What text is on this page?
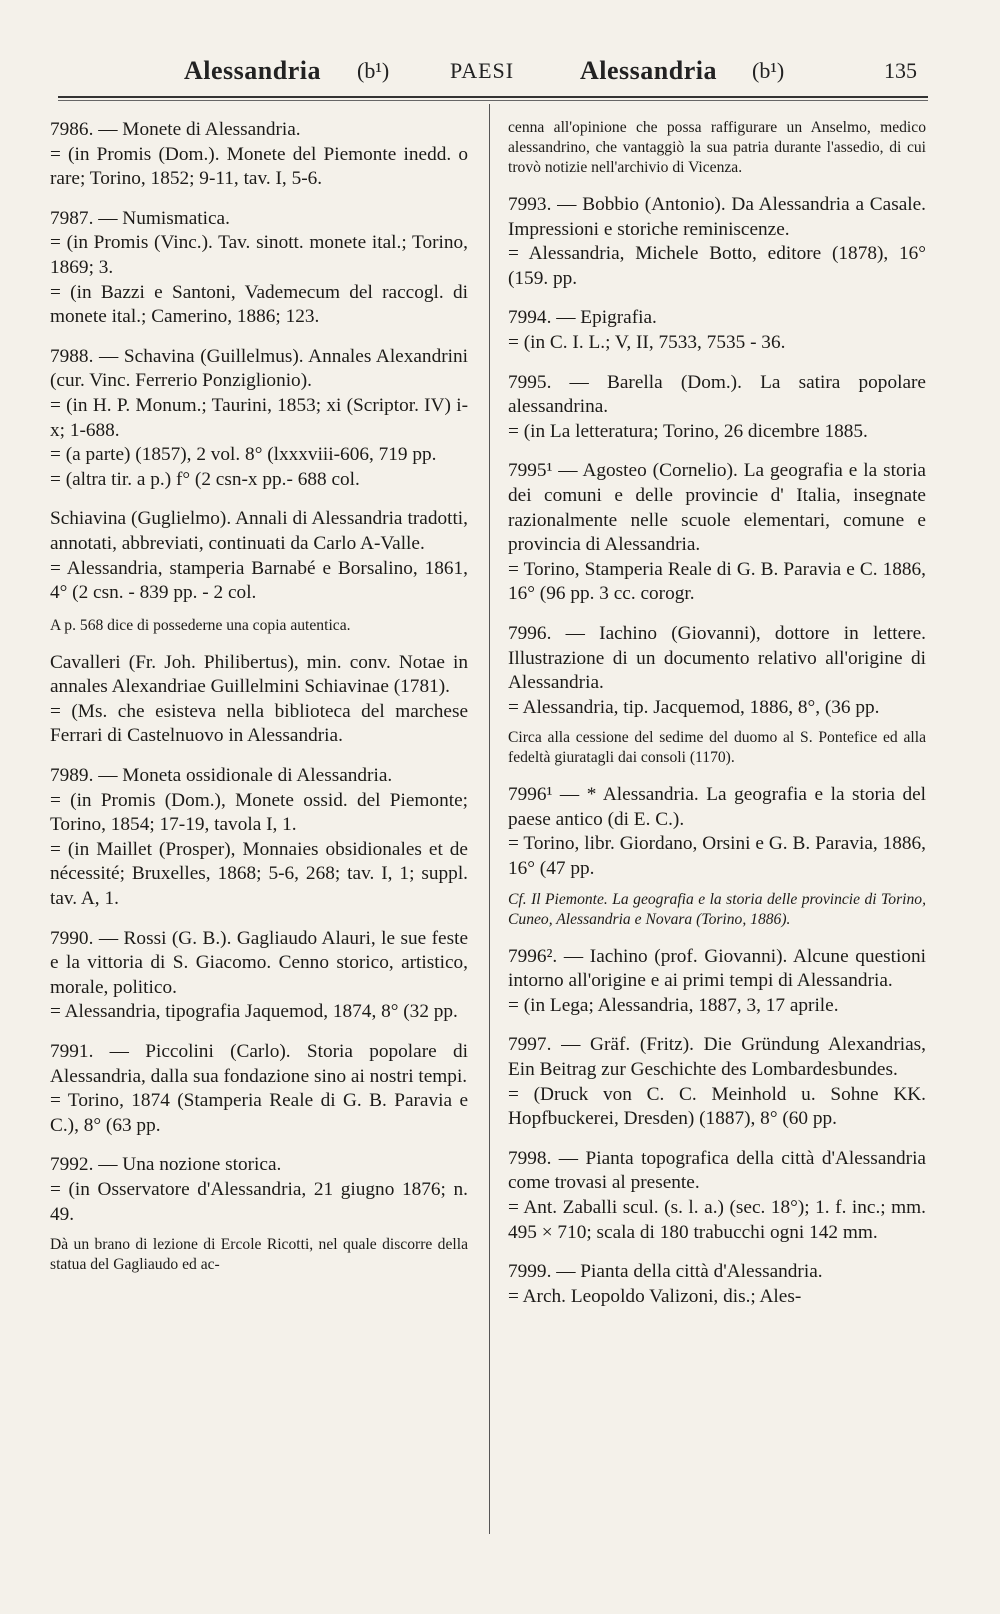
Alessandria (b¹)	PAESI	Alessandria (b¹)	135

7986. — Monete di Alessandria.

= (in Promis (Dom.). Monete del Piemonte inedd. o rare; Torino, 1852; 9-11, tav. I, 5-6.

7987. — Numismatica.

= (in Promis (Vinc.). Tav. sinott. monete ital.; Torino, 1869; 3.

= (in Bazzi e Santoni, Vademecum del raccogl. di monete ital.; Camerino, 1886; 123.

7988. — Schavina (Guillelmus). Annales Alexandrini (cur. Vinc. Ferrerio Ponziglionio).

= (in H. P. Monum.; Taurini, 1853; xi (Scriptor. IV) i-x; 1-688.

= (a parte) (1857), 2 vol. 8° (lxxxviii-606, 719 pp.

= (altra tir. a p.) f° (2 csn-x pp.- 688 col.

Schiavina (Guglielmo). Annali di Alessandria tradotti, annotati, abbreviati, continuati da Carlo A-Valle.

= Alessandria, stamperia Barnabé e Borsalino, 1861, 4° (2 csn. - 839 pp. - 2 col.

A p. 568 dice di possederne una copia autentica.

Cavalleri (Fr. Joh. Philibertus), min. conv. Notae in annales Alexandriae Guillelmini Schiavinae (1781).

= (Ms. che esisteva nella biblioteca del marchese Ferrari di Castelnuovo in Alessandria.

7989. — Moneta ossidionale di Alessandria.

= (in Promis (Dom.), Monete ossid. del Piemonte; Torino, 1854; 17-19, tavola I, 1.

= (in Maillet (Prosper), Monnaies obsidionales et de nécessité; Bruxelles, 1868; 5-6, 268; tav. I, 1; suppl. tav. A, 1.

7990. — Rossi (G. B.). Gagliaudo Alauri, le sue feste e la vittoria di S. Giacomo. Cenno storico, artistico, morale, politico.

= Alessandria, tipografia Jaquemod, 1874, 8° (32 pp.

7991. — Piccolini (Carlo). Storia popolare di Alessandria, dalla sua fondazione sino ai nostri tempi.

= Torino, 1874 (Stamperia Reale di G. B. Paravia e C.), 8° (63 pp.

7992. — Una nozione storica.

= (in Osservatore d'Alessandria, 21 giugno 1876; n. 49.

Dà un brano di lezione di Ercole Ricotti, nel quale discorre della statua del Gagliaudo ed ac-

cenna all'opinione che possa raffigurare un Anselmo, medico alessandrino, che vantaggiò la sua patria durante l'assedio, di cui trovò notizie nell'archivio di Vicenza.

7993. — Bobbio (Antonio). Da Alessandria a Casale. Impressioni e storiche reminiscenze.

= Alessandria, Michele Botto, editore (1878), 16° (159. pp.

7994. — Epigrafia.

= (in C. I. L.; V, II, 7533, 7535 - 36.

7995. — Barella (Dom.). La satira popolare alessandrina.

= (in La letteratura; Torino, 26 dicembre 1885.

7995¹ — Agosteo (Cornelio). La geografia e la storia dei comuni e delle provincie d' Italia, insegnate razionalmente nelle scuole elementari, comune e provincia di Alessandria.

= Torino, Stamperia Reale di G. B. Paravia e C. 1886, 16° (96 pp. 3 cc. corogr.

7996. — Iachino (Giovanni), dottore in lettere. Illustrazione di un documento relativo all'origine di Alessandria.

= Alessandria, tip. Jacquemod, 1886, 8°, (36 pp.

Circa alla cessione del sedime del duomo al S. Pontefice ed alla fedeltà giuratagli dai consoli (1170).

7996¹ — * Alessandria. La geografia e la storia del paese antico (di E. C.).

= Torino, libr. Giordano, Orsini e G. B. Paravia, 1886, 16° (47 pp.

Cf. Il Piemonte. La geografia e la storia delle provincie di Torino, Cuneo, Alessandria e Novara (Torino, 1886).

7996². — Iachino (prof. Giovanni). Alcune questioni intorno all'origine e ai primi tempi di Alessandria.

= (in Lega; Alessandria, 1887, 3, 17 aprile.

7997. — Gräf. (Fritz). Die Gründung Alexandrias, Ein Beitrag zur Geschichte des Lombardesbundes.

= (Druck von C. C. Meinhold u. Sohne KK. Hopfbuckerei, Dresden) (1887), 8° (60 pp.

7998. — Pianta topografica della città d'Alessandria come trovasi al presente.

= Ant. Zaballi scul. (s. l. a.) (sec. 18°); 1. f. inc.; mm. 495 × 710; scala di 180 trabucchi ogni 142 mm.

7999. — Pianta della città d'Alessandria.

= Arch. Leopoldo Valizoni, dis.; Ales-
